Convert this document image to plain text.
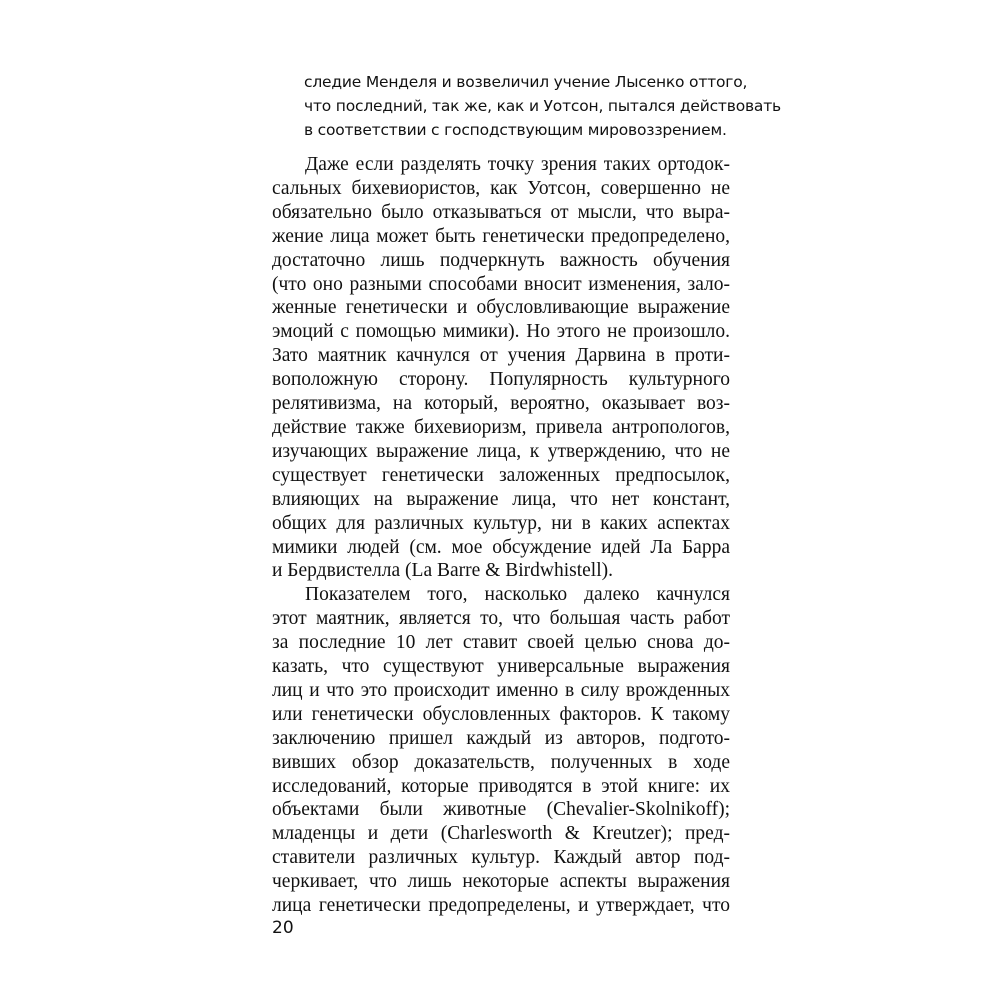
следие Менделя и возвеличил учение Лысенко оттого,
что последний, так же, как и Уотсон, пытался действовать
в соответствии с господствующим мировоззрением.
Даже если разделять точку зрения таких ортодок-
сальных бихевиористов, как Уотсон, совершенно не
обязательно было отказываться от мысли, что выра-
жение лица может быть генетически предопределено,
достаточно лишь подчеркнуть важность обучения
(что оно разными способами вносит изменения, зало-
женные генетически и обусловливающие выражение
эмоций с помощью мимики). Но этого не произошло.
Зато маятник качнулся от учения Дарвина в проти-
воположную сторону. Популярность культурного
релятивизма, на который, вероятно, оказывает воз-
действие также бихевиоризм, привела антропологов,
изучающих выражение лица, к утверждению, что не
существует генетически заложенных предпосылок,
влияющих на выражение лица, что нет констант,
общих для различных культур, ни в каких аспектах
мимики людей (см. мое обсуждение идей Ла Барра
и Бердвистелла (La Barre & Birdwhistell).
Показателем того, насколько далеко качнулся
этот маятник, является то, что большая часть работ
за последние 10 лет ставит своей целью снова до-
казать, что существуют универсальные выражения
лиц и что это происходит именно в силу врожденных
или генетически обусловленных факторов. К такому
заключению пришел каждый из авторов, подгото-
вивших обзор доказательств, полученных в ходе
исследований, которые приводятся в этой книге: их
объектами были животные (Chevalier-Skolnikoff);
младенцы и дети (Charlesworth & Kreutzer); пред-
ставители различных культур. Каждый автор под-
черкивает, что лишь некоторые аспекты выражения
лица генетически предопределены, и утверждает, что
20
